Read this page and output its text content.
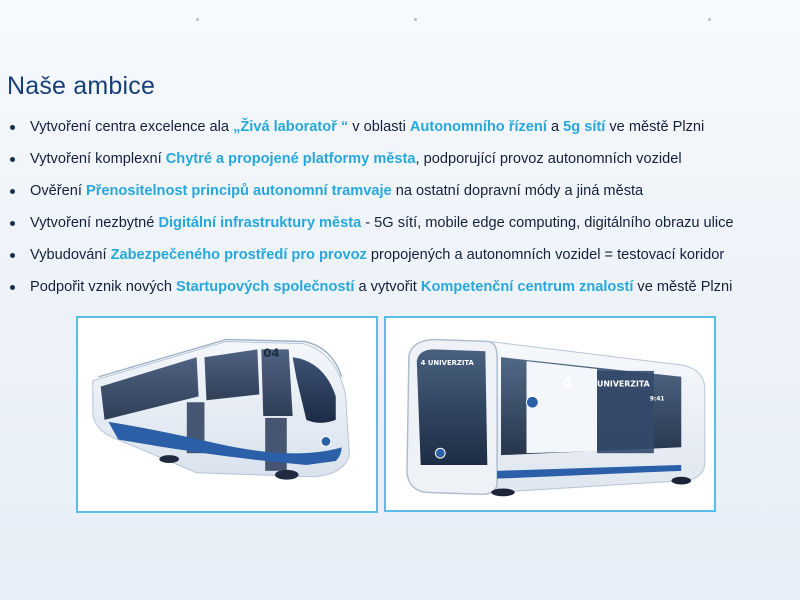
Naše ambice
Vytvoření centra excelence ala „Živá laboratoř “ v oblasti Autonomního řízení a 5g sítí ve městě Plzni
Vytvoření komplexní Chytré a propojené platformy města, podporující provoz autonomních vozidel
Ověření Přenositelnost principů autonomní tramvaje na ostatní dopravní módy a jiná města
Vytvoření nezbytné Digitální infrastruktury města - 5G sítí, mobile edge computing, digitálního obrazu ulice
Vybudování Zabezpečeného prostředí pro provoz propojených a autonomních vozidel = testovací koridor
Podpořit vznik nových Startupových společností a vytvořit Kompetenční centrum znalostí ve městě Plzni
04
4 UNIVERZITA
4	UNIVERZITA
9:41
